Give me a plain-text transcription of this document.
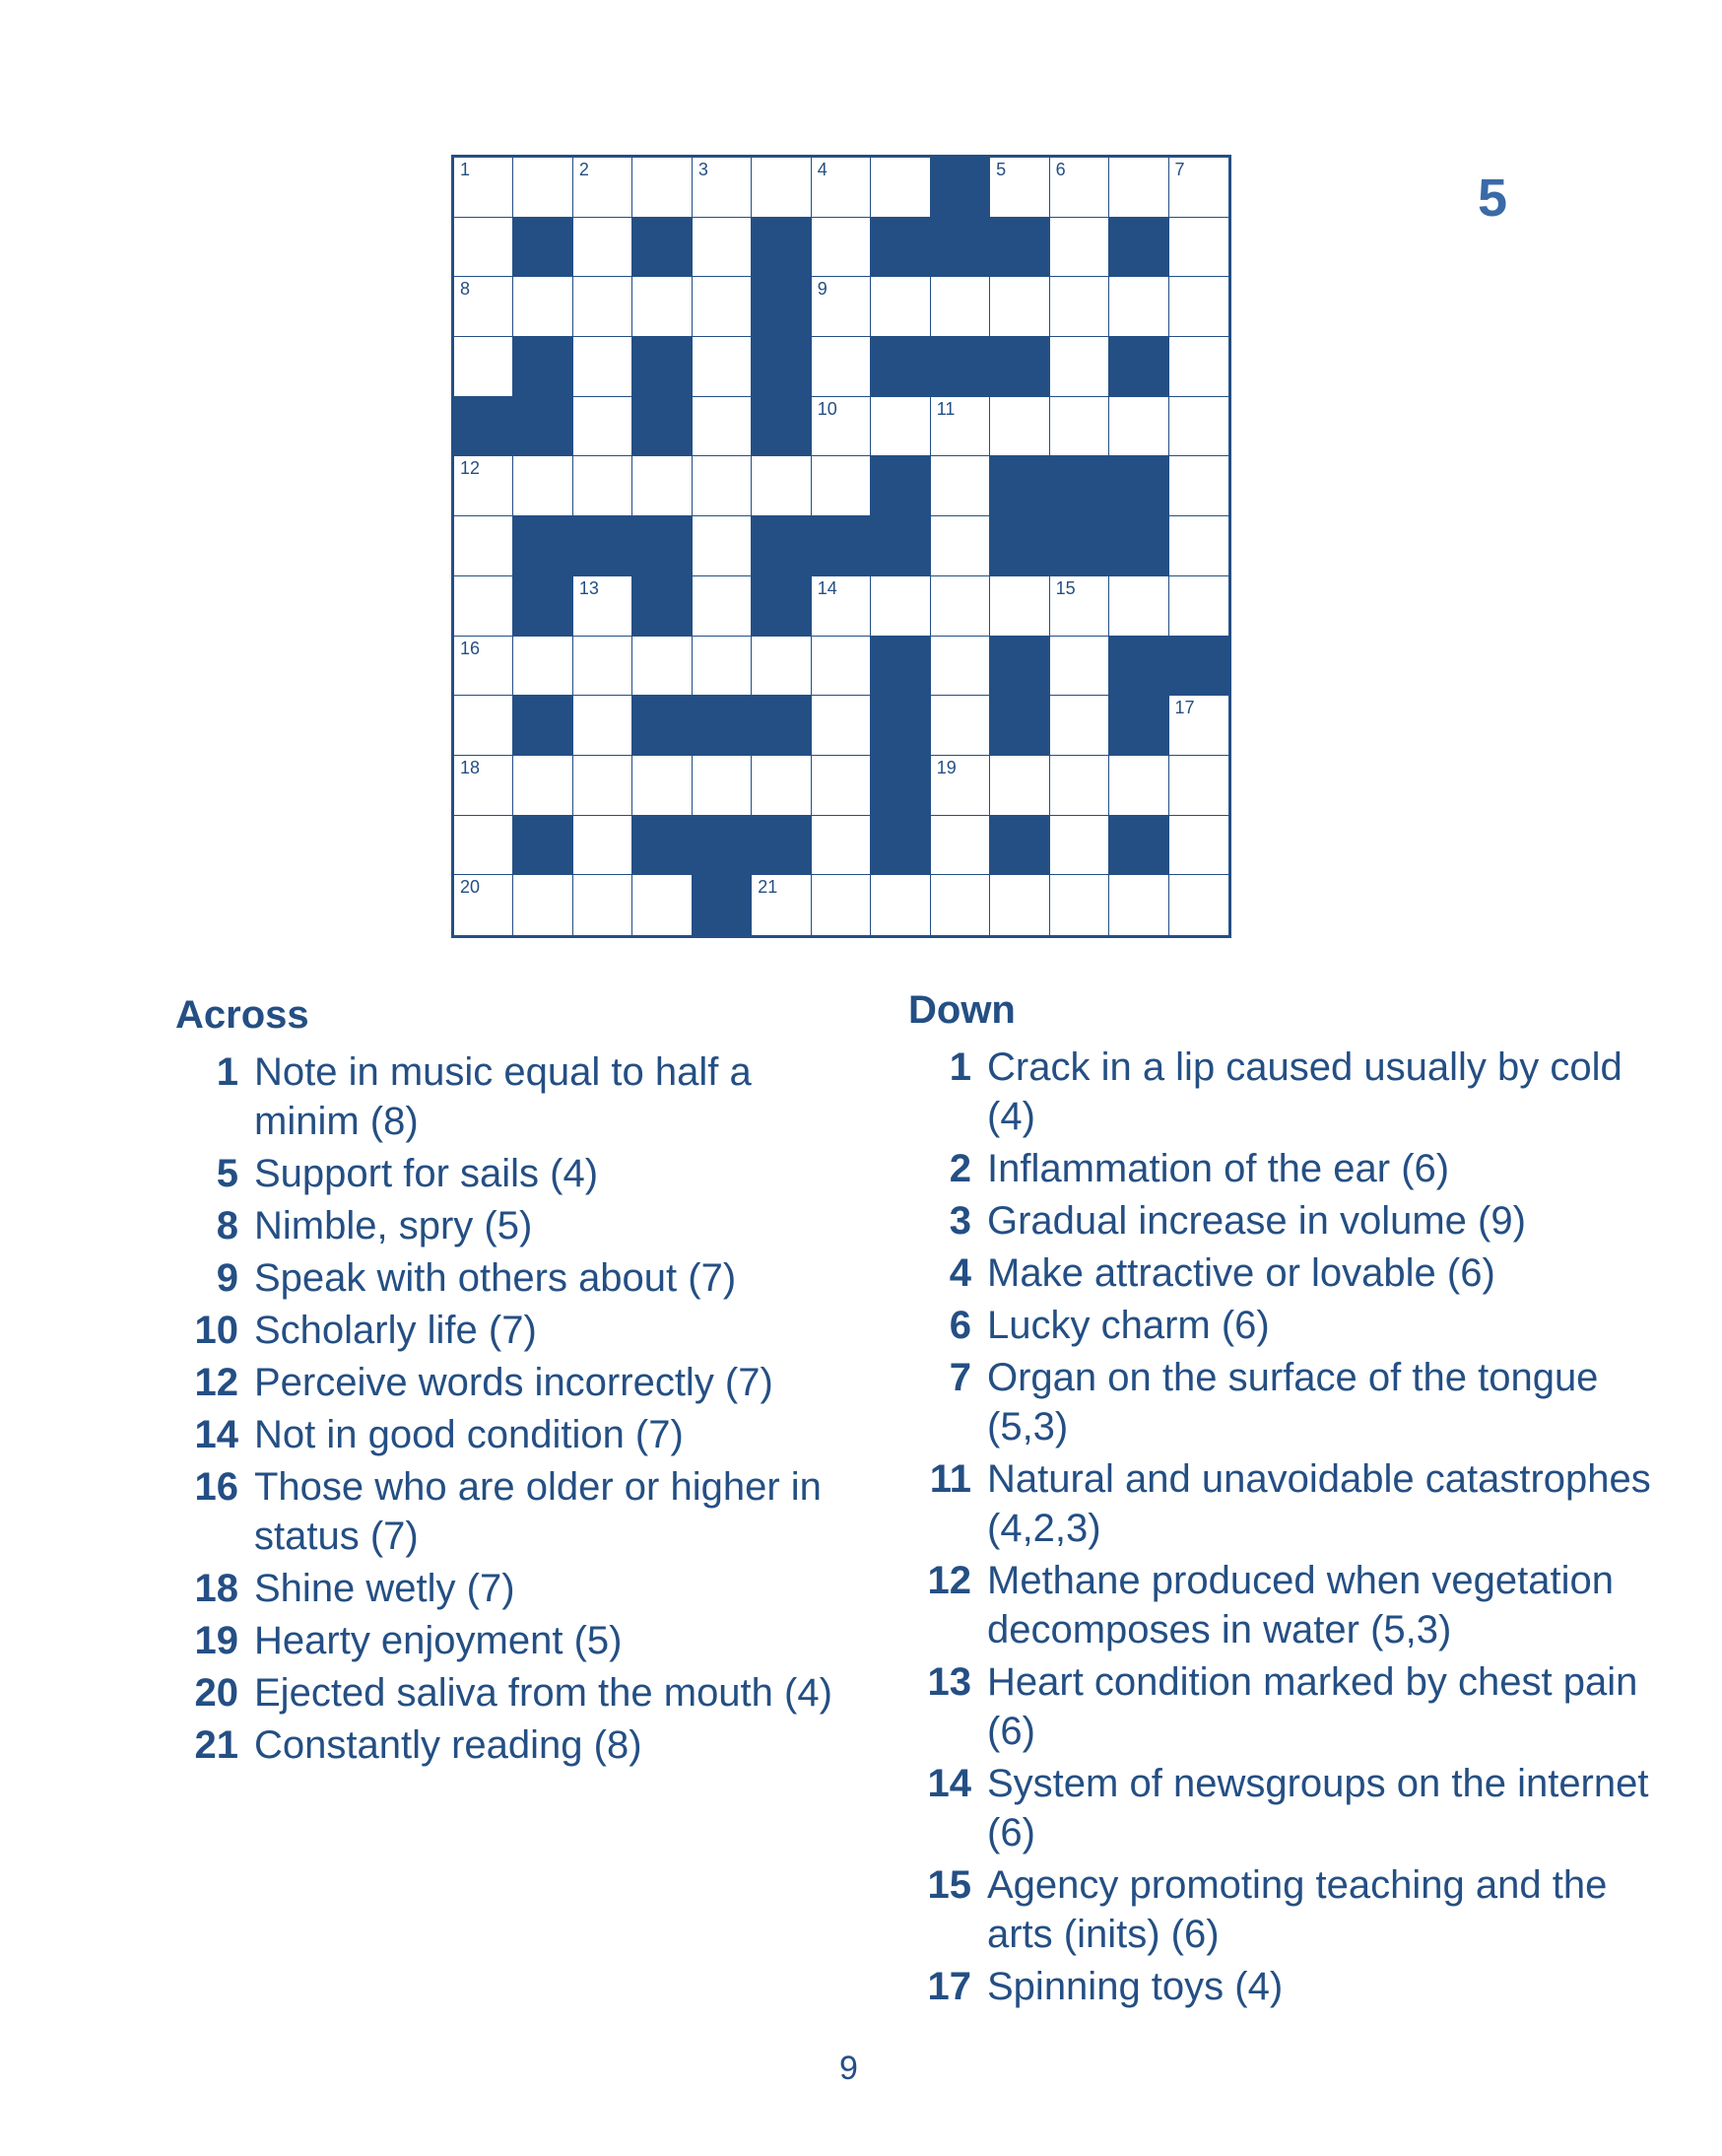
1	2	3	4	5	6	7
8	9
10	11
12
13	14	15
16
17
18	19
20	21
5
Across
1 Note in music equal to half a minim (8)
5 Support for sails (4)
8 Nimble, spry (5)
9 Speak with others about (7)
10 Scholarly life (7)
12 Perceive words incorrectly (7)
14 Not in good condition (7)
16 Those who are older or higher in status (7)
18 Shine wetly (7)
19 Hearty enjoyment (5)
20 Ejected saliva from the mouth (4)
21 Constantly reading (8)
Down
1 Crack in a lip caused usually by cold (4)
2 Inflammation of the ear (6)
3 Gradual increase in volume (9)
4 Make attractive or lovable (6)
6 Lucky charm (6)
7 Organ on the surface of the tongue (5,3)
11 Natural and unavoidable catastrophes (4,2,3)
12 Methane produced when vegetation decomposes in water (5,3)
13 Heart condition marked by chest pain (6)
14 System of newsgroups on the internet (6)
15 Agency promoting teaching and the arts (inits) (6)
17 Spinning toys (4)
9
